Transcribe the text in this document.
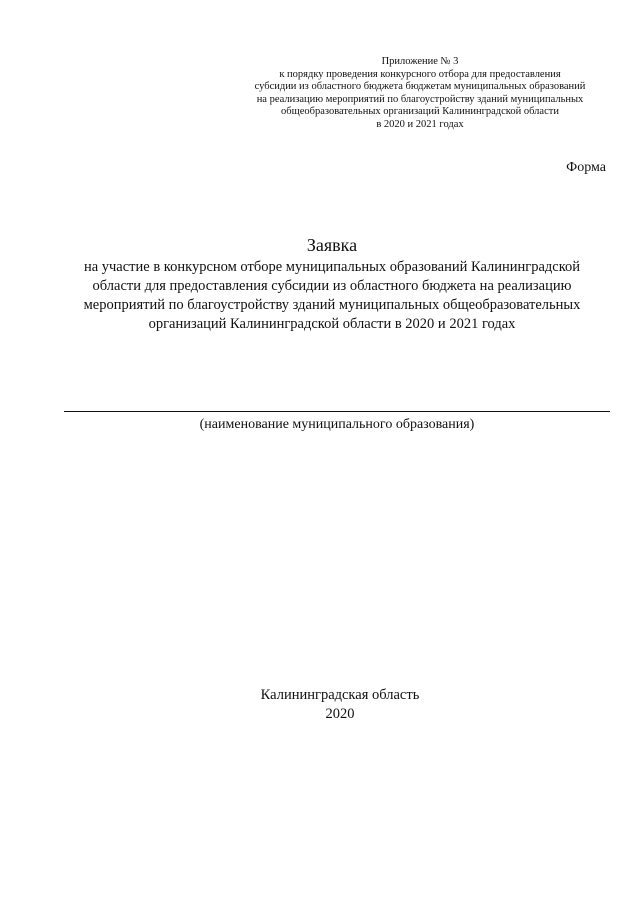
Приложение № 3
к порядку проведения конкурсного отбора для предоставления
субсидии из областного бюджета бюджетам муниципальных образований
на реализацию мероприятий по благоустройству зданий муниципальных
общеобразовательных организаций Калининградской области
в 2020 и 2021 годах
Форма
Заявка
на участие в конкурсном отборе муниципальных образований Калининградской
области для предоставления субсидии из областного бюджета на реализацию
мероприятий по благоустройству зданий муниципальных общеобразовательных
организаций Калининградской области в 2020 и 2021 годах
(наименование муниципального образования)
Калининградская область
2020
